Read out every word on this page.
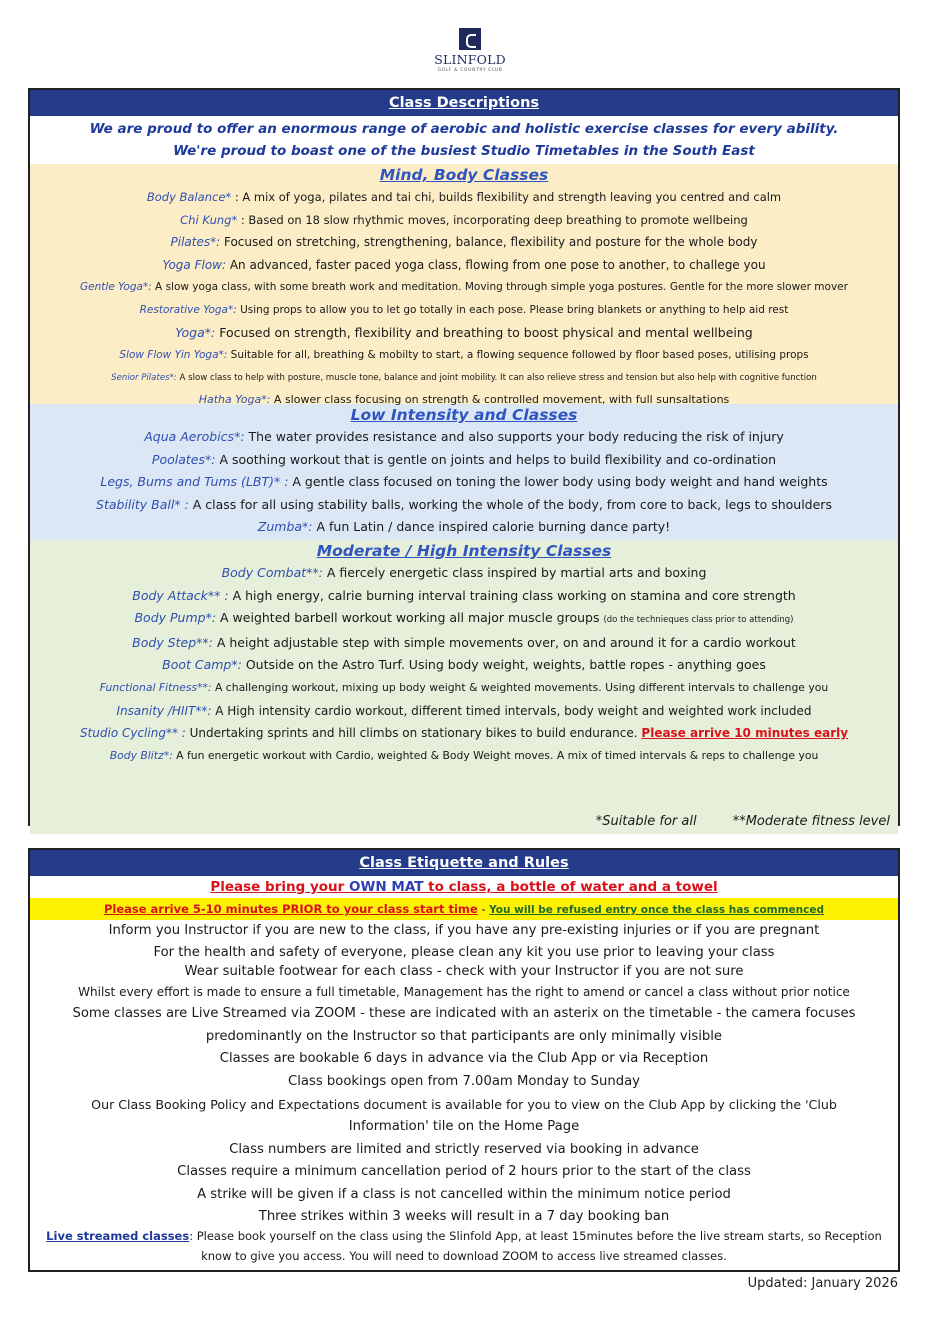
SLINFOLD
GOLF & COUNTRY CLUB
Class Descriptions
We are proud to offer an enormous range of aerobic and holistic exercise classes for every ability.
We're proud to boast one of the busiest Studio Timetables in the South East
Mind, Body Classes
Body Balance* : A mix of yoga, pilates and tai chi, builds flexibility and strength leaving you centred and calm
Chi Kung* : Based on 18 slow rhythmic moves, incorporating deep breathing to promote wellbeing
Pilates*: Focused on stretching, strengthening, balance, flexibility and posture for the whole body
Yoga Flow: An advanced, faster paced yoga class, flowing from one pose to another, to challege you
Gentle Yoga*: A slow yoga class, with some breath work and meditation. Moving through simple yoga postures. Gentle for the more slower mover
Restorative Yoga*: Using props to allow you to let go totally in each pose. Please bring blankets or anything to help aid rest
Yoga*: Focused on strength, flexibility and breathing to boost physical and mental wellbeing
Slow Flow Yin Yoga*: Suitable for all, breathing & mobilty to start, a flowing sequence followed by floor based poses, utilising props
Senior Pilates*: A slow class to help with posture, muscle tone, balance and joint mobility. It can also relieve stress and tension but also help with cognitive function
Hatha Yoga*: A slower class focusing on strength & controlled movement, with full sunsaltations
Low Intensity and Classes
Aqua Aerobics*: The water provides resistance and also supports your body reducing the risk of injury
Poolates*: A soothing workout that is gentle on joints and helps to build flexibility and co-ordination
Legs, Bums and Tums (LBT)* : A gentle class focused on toning the lower body using body weight and hand weights
Stability Ball* : A class for all using stability balls, working the whole of the body, from core to back, legs to shoulders
Zumba*: A fun Latin / dance inspired calorie burning dance party!
Moderate / High Intensity Classes
Body Combat**: A fiercely energetic class inspired by martial arts and boxing
Body Attack** : A high energy, calrie burning interval training class working on stamina and core strength
Body Pump*: A weighted barbell workout working all major muscle groups (do the technieques class prior to attending)
Body Step**: A height adjustable step with simple movements over, on and around it for a cardio workout
Boot Camp*: Outside on the Astro Turf. Using body weight, weights, battle ropes - anything goes
Functional Fitness**: A challenging workout, mixing up body weight & weighted movements. Using different intervals to challenge you
Insanity /HIIT**: A High intensity cardio workout, different timed intervals, body weight and weighted work included
Studio Cycling** : Undertaking sprints and hill climbs on stationary bikes to build endurance. Please arrive 10 minutes early
Body Blitz*: A fun energetic workout with Cardio, weighted & Body Weight moves. A mix of timed intervals & reps to challenge you
*Suitable for all	**Moderate fitness level
Class Etiquette and Rules
Please bring your OWN MAT to class, a bottle of water and a towel
Please arrive 5-10 minutes PRIOR to your class start time - You will be refused entry once the class has commenced
Inform you Instructor if you are new to the class, if you have any pre-existing injuries or if you are pregnant
For the health and safety of everyone, please clean any kit you use prior to leaving your class
Wear suitable footwear for each class - check with your Instructor if you are not sure
Whilst every effort is made to ensure a full timetable, Management has the right to amend or cancel a class without prior notice
Some classes are Live Streamed via ZOOM - these are indicated with an asterix on the timetable - the camera focuses
predominantly on the Instructor so that participants are only minimally visible
Classes are bookable 6 days in advance via the Club App or via Reception
Class bookings open from 7.00am Monday to Sunday
Our Class Booking Policy and Expectations document is available for you to view on the Club App by clicking the 'Club
Information' tile on the Home Page
Class numbers are limited and strictly reserved via booking in advance
Classes require a minimum cancellation period of 2 hours prior to the start of the class
A strike will be given if a class is not cancelled within the minimum notice period
Three strikes within 3 weeks will result in a 7 day booking ban
Live streamed classes: Please book yourself on the class using the Slinfold App, at least 15minutes before the live stream starts, so Reception know to give you access. You will need to download ZOOM to access live streamed classes.
Updated: January 2026
